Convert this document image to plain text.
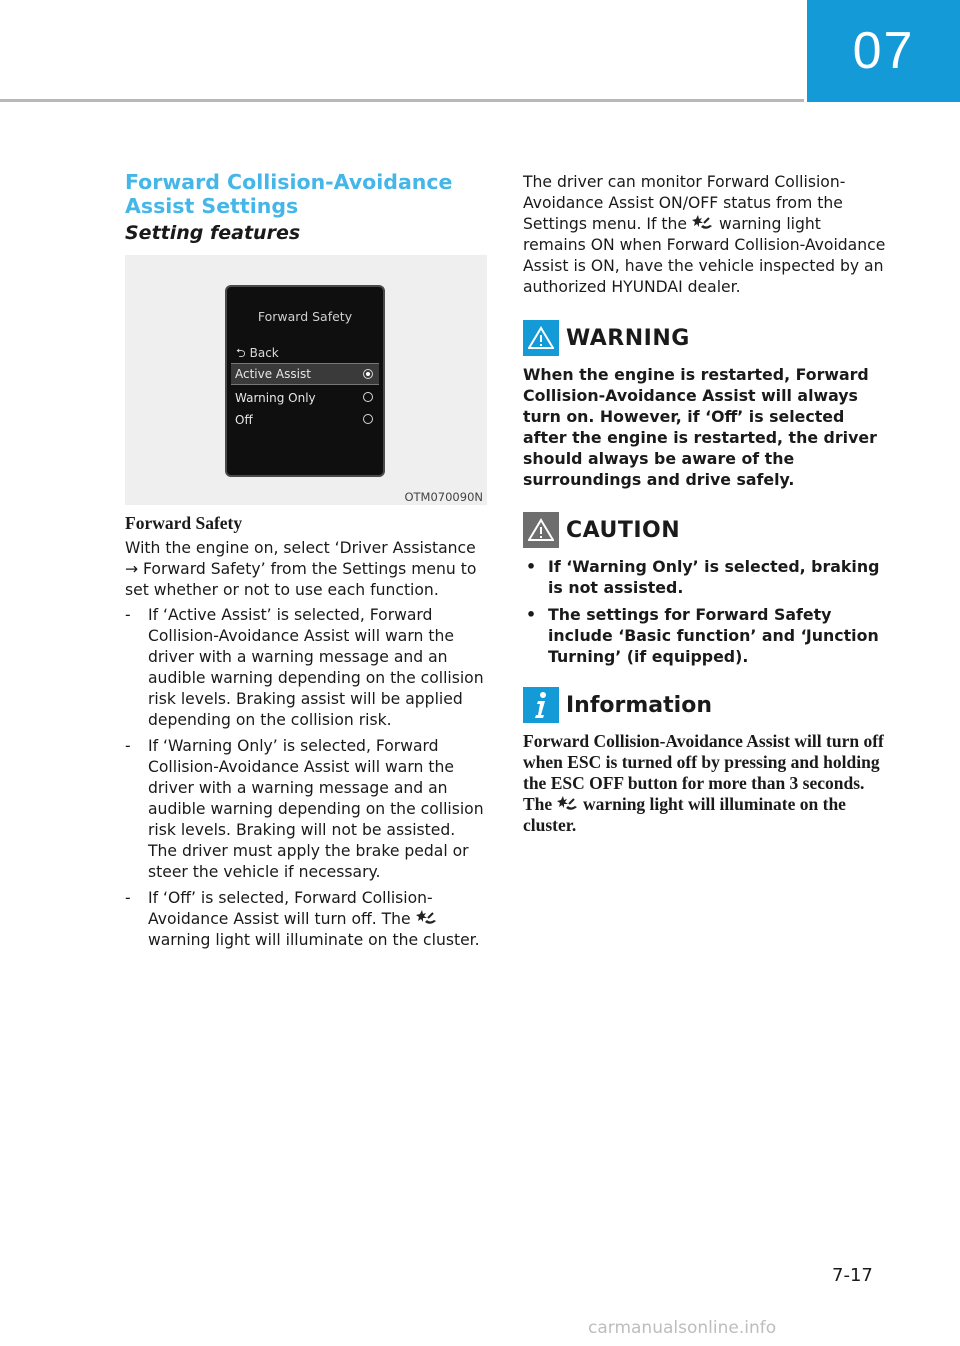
07
Forward Collision-Avoidance
Assist Settings
Setting features
Forward Safety
⮌ Back
Active Assist
Warning Only
Off
OTM070090N
Forward Safety

With the engine on, select ‘Driver Assistance → Forward Safety’ from the Settings menu to set whether or not to use each function.

- If ‘Active Assist’ is selected, Forward Collision-Avoidance Assist will warn the driver with a warning message and an audible warning depending on the collision risk levels. Braking assist will be applied depending on the collision risk.
- If ‘Warning Only’ is selected, Forward Collision-Avoidance Assist will warn the driver with a warning message and an audible warning depending on the collision risk levels. Braking will not be assisted. The driver must apply the brake pedal or steer the vehicle if necessary.
- If ‘Off’ is selected, Forward Collision-Avoidance Assist will turn off. The  warning light will illuminate on the cluster.

The driver can monitor Forward Collision-Avoidance Assist ON/OFF status from the Settings menu. If the  warning light remains ON when Forward Collision-Avoidance Assist is ON, have the vehicle inspected by an authorized HYUNDAI dealer.

WARNING

When the engine is restarted, Forward Collision-Avoidance Assist will always turn on. However, if ‘Off’ is selected after the engine is restarted, the driver should always be aware of the surroundings and drive safely.

CAUTION
• If ‘Warning Only’ is selected, braking is not assisted.
• The settings for Forward Safety include ‘Basic function’ and ‘Junction Turning’ (if equipped).
Information

Forward Collision-Avoidance Assist will turn off when ESC is turned off by pressing and holding the ESC OFF button for more than 3 seconds. The  warning light will illuminate on the cluster.

7-17
carmanualsonline.info
